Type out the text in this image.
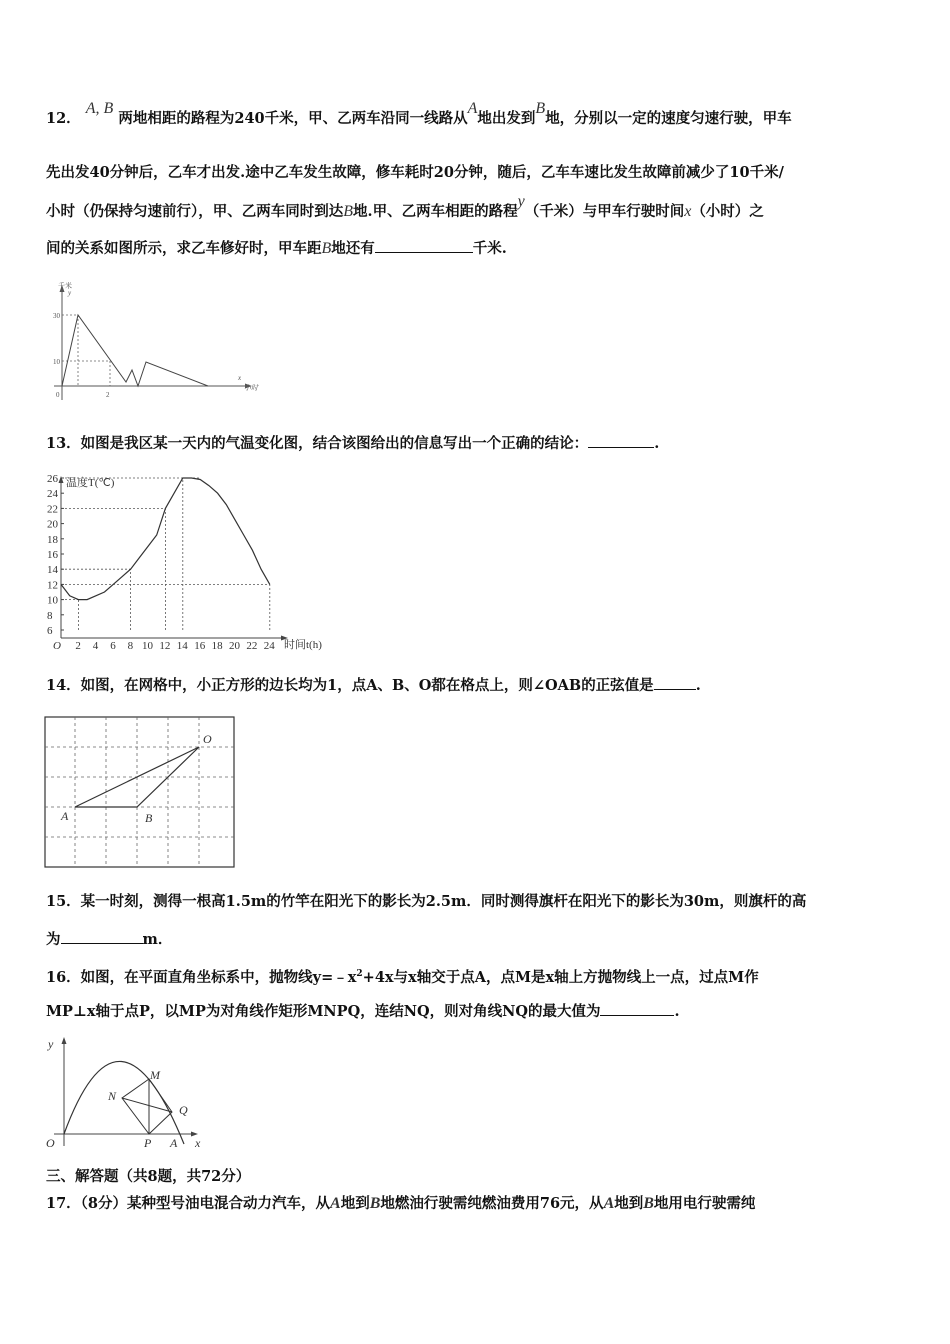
12． A, B 两地相距的路程为240千米，甲、乙两车沿同一线路从A地出发到B地，分别以一定的速度匀速行驶，甲车
先出发40分钟后，乙车才出发.途中乙车发生故障，修车耗时20分钟，随后，乙车车速比发生故障前减少了10千米/
小时（仍保持匀速前行），甲、乙两车同时到达B地.甲、乙两车相距的路程y（千米）与甲车行驶时间x（小时）之
间的关系如图所示，求乙车修好时，甲车距B地还有	千米.
千米
y
x
小时
30
10
2
0
13．如图是我区某一天内的气温变化图，结合该图给出的信息写出一个正确的结论：	.
温度T(℃)
时间t(h)
O
6
8
10
12
14
16
18
20
22
24
26
2 4 6 8 10 12 14 16 18 20 22 24
14．如图，在网格中，小正方形的边长均为1，点A、B、O都在格点上，则∠OAB的正弦值是	.
O
A	B
15．某一时刻，测得一根高1.5m的竹竿在阳光下的影长为2.5m．同时测得旗杆在阳光下的影长为30m，则旗杆的高
为	m．
16．如图，在平面直角坐标系中，抛物线$y=﹣x^2+4x$与x轴交于点A，点M是x轴上方抛物线上一点，过点M作
MP⊥x轴于点P，以MP为对角线作矩形MNPQ，连结NQ，则对角线NQ的最大值为	.
y
x
O
M
N
P A
Q
三、解答题（共8题，共72分）
17．（8分）某种型号油电混合动力汽车，从A地到B地燃油行驶需纯燃油费用76元，从A地到B地用电行驶需纯
